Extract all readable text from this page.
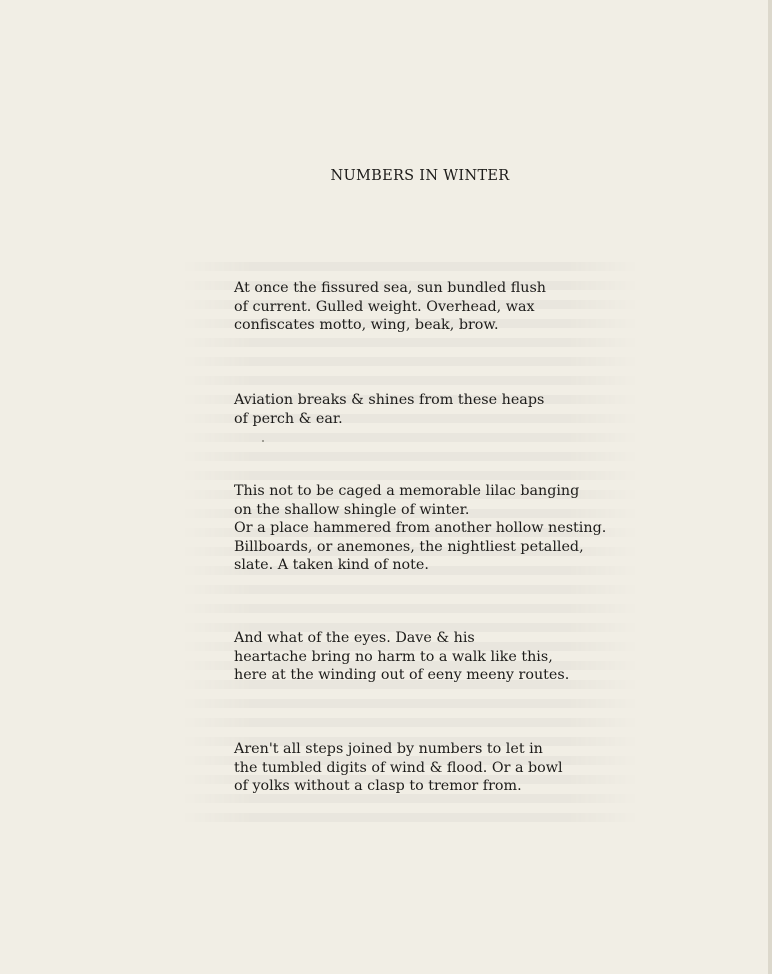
NUMBERS IN WINTER
At once the fissured sea, sun bundled flush
of current. Gulled weight. Overhead, wax
confiscates motto, wing, beak, brow.
Aviation breaks & shines from these heaps
of perch & ear.
This not to be caged a memorable lilac banging
on the shallow shingle of winter.
Or a place hammered from another hollow nesting.
Billboards, or anemones, the nightliest petalled,
slate. A taken kind of note.
And what of the eyes. Dave & his
heartache bring no harm to a walk like this,
here at the winding out of eeny meeny routes.
Aren't all steps joined by numbers to let in
the tumbled digits of wind & flood. Or a bowl
of yolks without a clasp to tremor from.
